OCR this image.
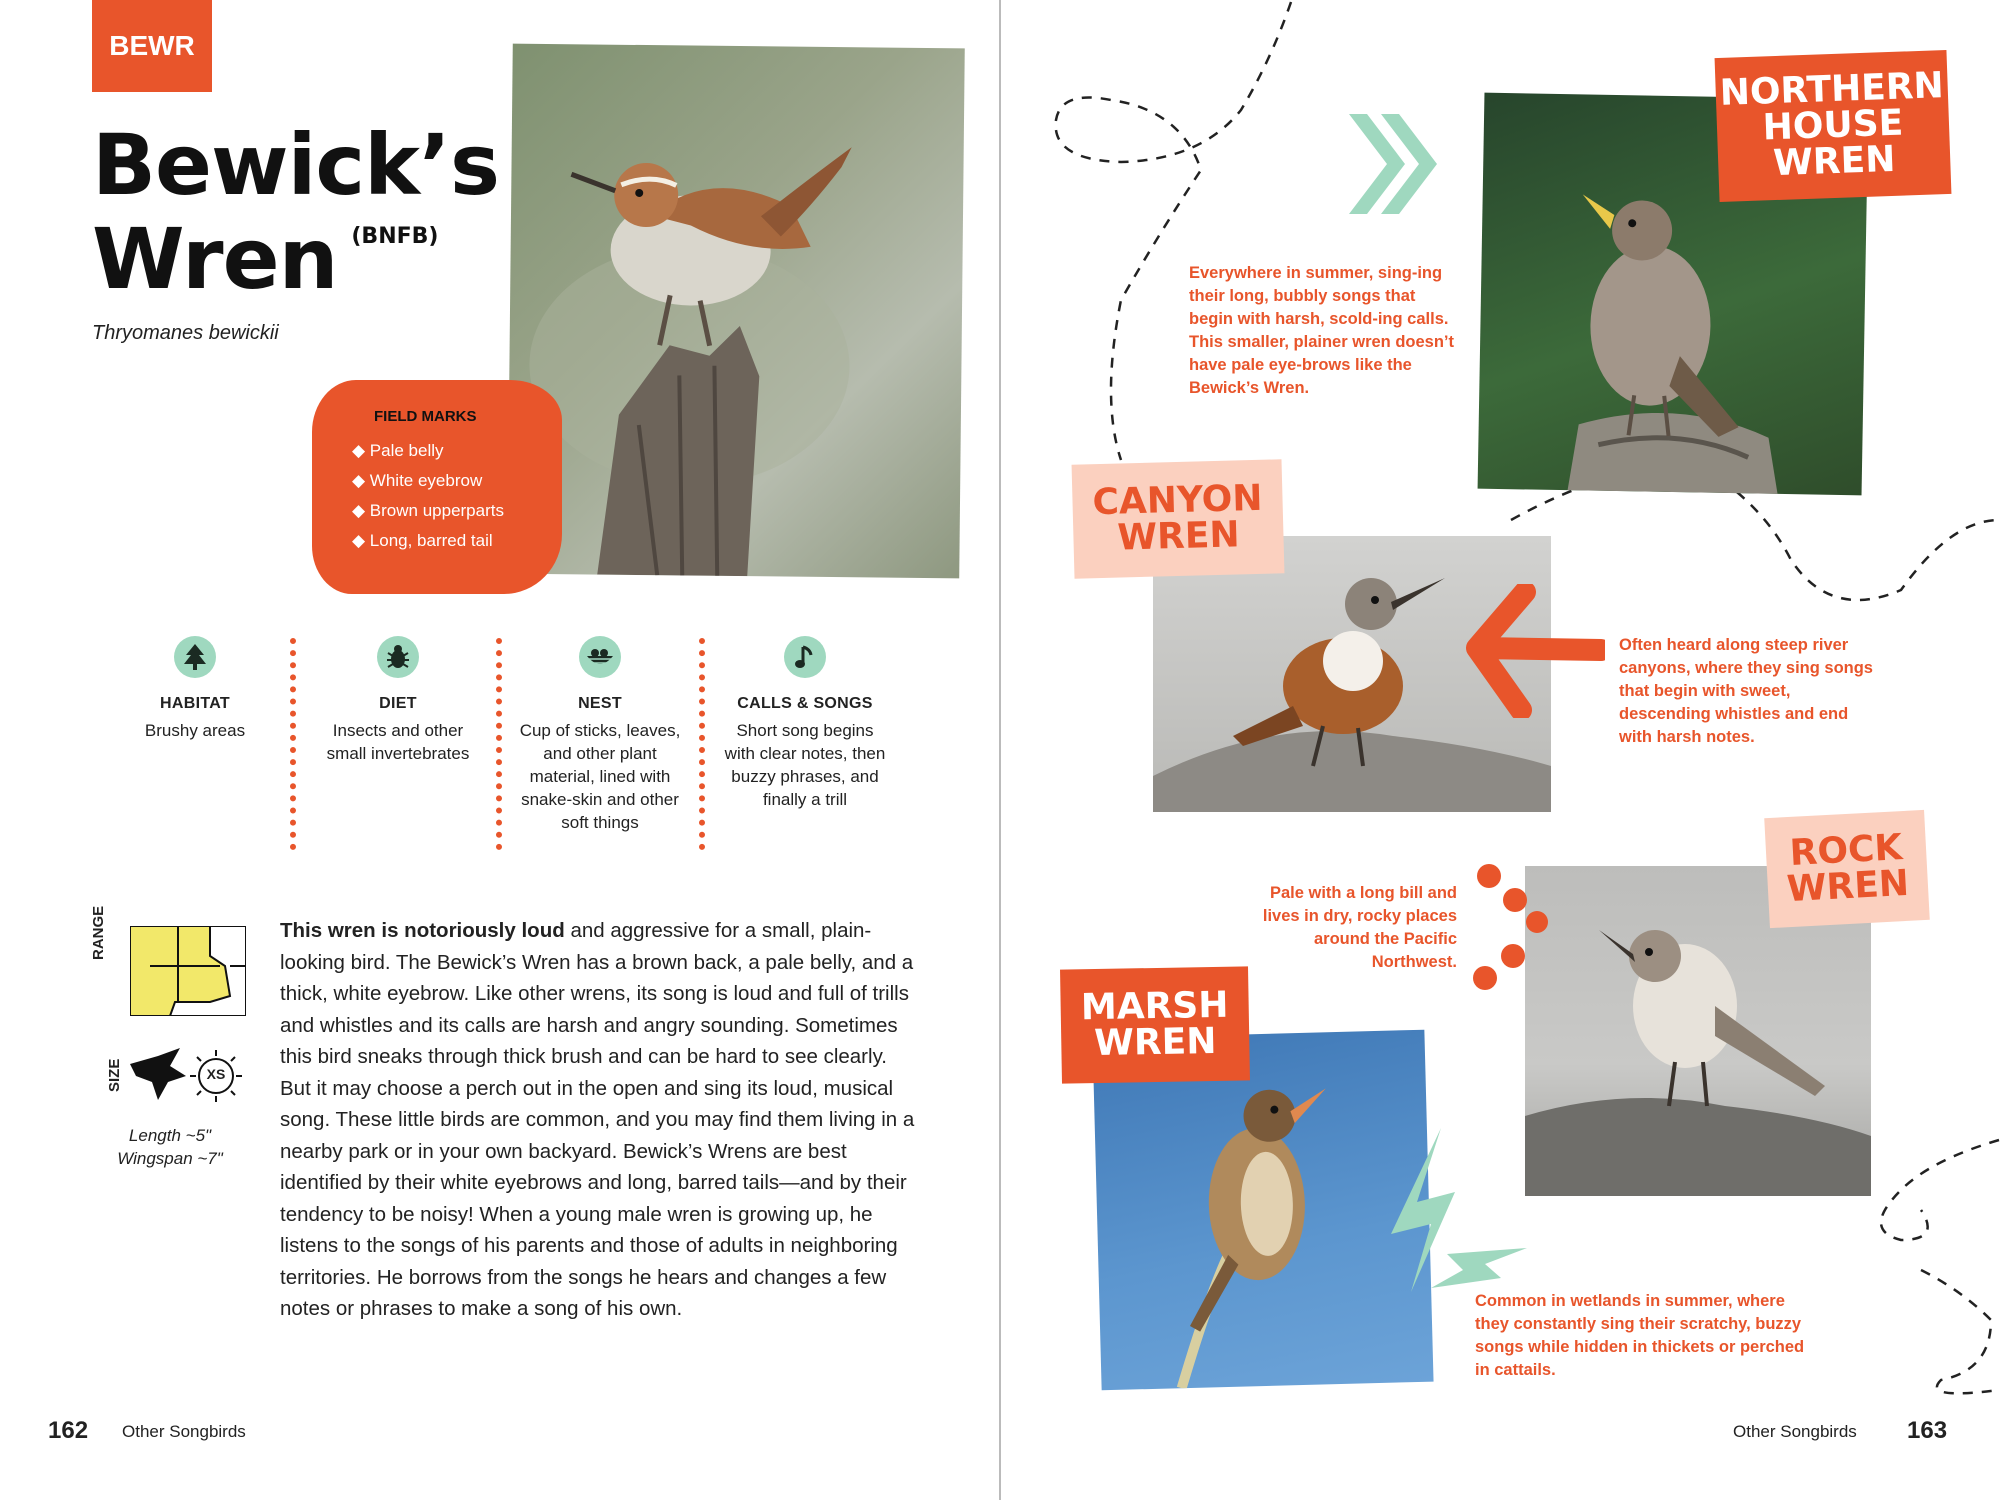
BEWR
Bewick’s
Wren (BNFB)
Thryomanes bewickii
FIELD MARKS
◆ Pale belly
◆ White eyebrow
◆ Brown upperparts
◆ Long, barred tail
HABITAT
Brushy areas
DIET
Insects and other small invertebrates
NEST
Cup of sticks, leaves, and other plant material, lined with snake-skin and other soft things
CALLS & SONGS
Short song begins with clear notes, then buzzy phrases, and finally a trill
RANGE
SIZE	XS
Length ~5"
Wingspan ~7"
This wren is notoriously loud and aggressive for a small, plain-looking bird. The Bewick’s Wren has a brown back, a pale belly, and a thick, white eyebrow. Like other wrens, its song is loud and full of trills and whistles and its calls are harsh and angry sounding. Sometimes this bird sneaks through thick brush and can be hard to see clearly. But it may choose a perch out in the open and sing its loud, musical song. These little birds are common, and you may find them living in a nearby park or in your own backyard. Bewick’s Wrens are best identified by their white eyebrows and long, barred tails—and by their tendency to be noisy! When a young male wren is growing up, he listens to the songs of his parents and those of adults in neighboring territories. He borrows from the songs he hears and changes a few notes or phrases to make a song of his own.
162 Other Songbirds
NORTHERN
HOUSE
WREN
Everywhere in summer, sing-ing their long, bubbly songs that begin with harsh, scold-ing calls. This smaller, plainer wren doesn’t have pale eye-brows like the Bewick’s Wren.
CANYON
WREN
Often heard along steep river canyons, where they sing songs that begin with sweet, descending whistles and end with harsh notes.
ROCK
WREN
Pale with a long bill and lives in dry, rocky places around the Pacific Northwest.
MARSH
WREN
Common in wetlands in summer, where they constantly sing their scratchy, buzzy songs while hidden in thickets or perched in cattails.
Other Songbirds 163
